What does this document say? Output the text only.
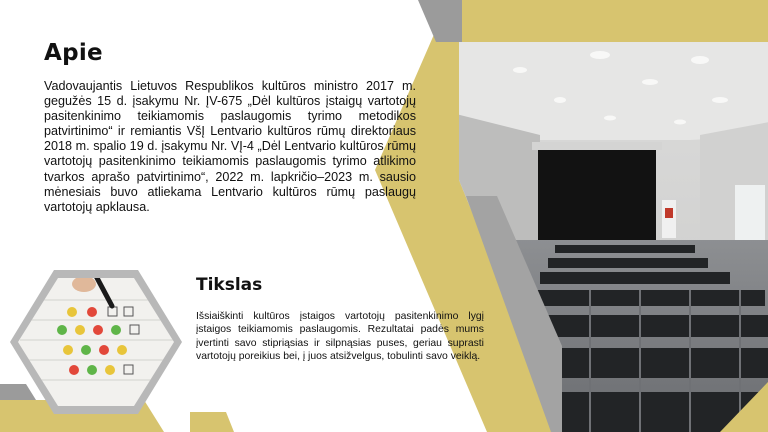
Apie

Vadovaujantis Lietuvos Respublikos kultūros ministro 2017 m. gegužės 15 d. įsakymu Nr. ĮV-675 „Dėl kultūros įstaigų vartotojų pasitenkinimo teikiamomis paslaugomis tyrimo metodikos patvirtinimo“ ir remiantis VšĮ Lentvario kultūros rūmų direktoriaus 2018 m. spalio 19 d. įsakymu Nr. VĮ-4 „Dėl Lentvario kultūros rūmų vartotojų pasitenkinimo teikiamomis paslaugomis tyrimo atlikimo tvarkos aprašo patvirtinimo“, 2022 m. lapkričio–2023 m. sausio mėnesiais buvo atliekama Lentvario kultūros rūmų paslaugų vartotojų apklausa.

Tikslas

Išsiaiškinti kultūros įstaigos vartotojų pasitenkinimo lygį įstaigos teikiamomis paslaugomis. Rezultatai padės mums įvertinti savo stipriąsias ir silpnąsias puses, geriau suprasti vartotojų poreikius bei, į juos atsižvelgus, tobulinti savo veiklą.
